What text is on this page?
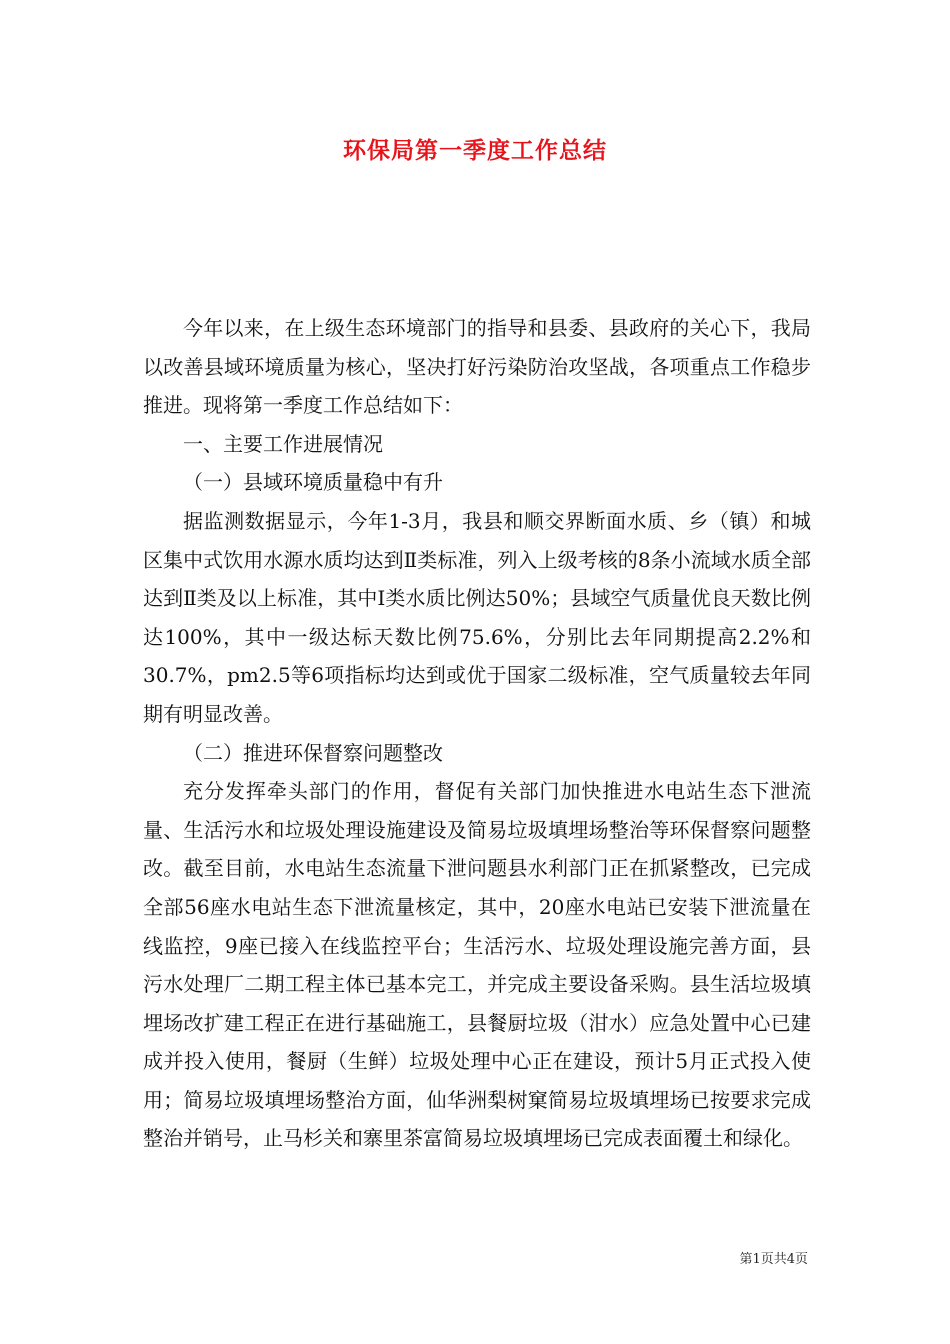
环保局第一季度工作总结

今年以来，在上级生态环境部门的指导和县委、县政府的关心下，我局以改善县域环境质量为核心，坚决打好污染防治攻坚战，各项重点工作稳步推进。现将第一季度工作总结如下：

一、主要工作进展情况

（一）县域环境质量稳中有升

据监测数据显示，今年1-3月，我县和顺交界断面水质、乡（镇）和城区集中式饮用水源水质均达到Ⅱ类标准，列入上级考核的8条小流域水质全部达到Ⅱ类及以上标准，其中Ⅰ类水质比例达50%；县域空气质量优良天数比例达100%，其中一级达标天数比例75.6%，分别比去年同期提高2.2%和30.7%，pm2.5等6项指标均达到或优于国家二级标准，空气质量较去年同期有明显改善。

（二）推进环保督察问题整改

充分发挥牵头部门的作用，督促有关部门加快推进水电站生态下泄流量、生活污水和垃圾处理设施建设及简易垃圾填埋场整治等环保督察问题整改。截至目前，水电站生态流量下泄问题县水利部门正在抓紧整改，已完成全部56座水电站生态下泄流量核定，其中，20座水电站已安装下泄流量在线监控，9座已接入在线监控平台；生活污水、垃圾处理设施完善方面，县污水处理厂二期工程主体已基本完工，并完成主要设备采购。县生活垃圾填埋场改扩建工程正在进行基础施工，县餐厨垃圾（泔水）应急处置中心已建成并投入使用，餐厨（生鲜）垃圾处理中心正在建设，预计5月正式投入使用；简易垃圾填埋场整治方面，仙华洲梨树窠简易垃圾填埋场已按要求完成整治并销号，止马杉关和寨里茶富简易垃圾填埋场已完成表面覆土和绿化。

第1页共4页
